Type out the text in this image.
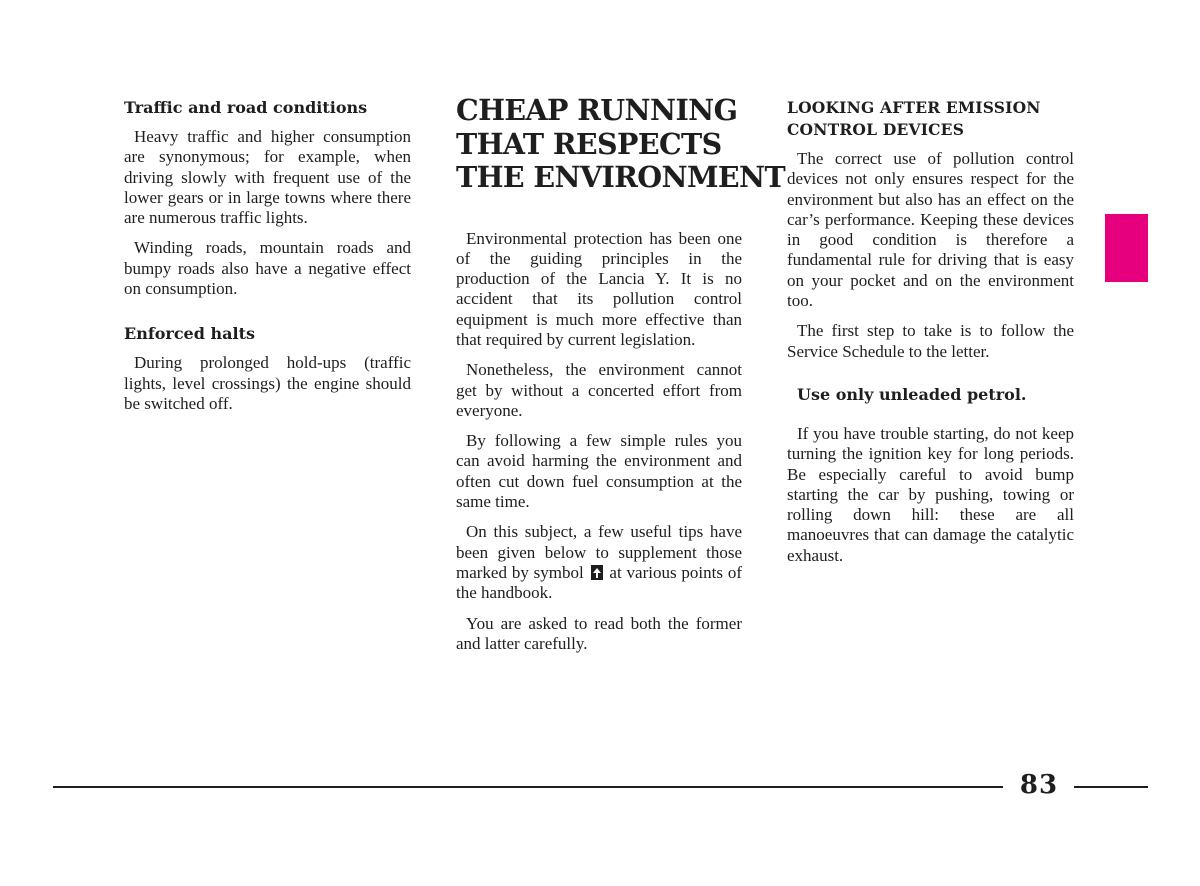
Traffic and road conditions

Heavy traffic and higher consumption are synonymous; for example, when driving slowly with frequent use of the lower gears or in large towns where there are numerous traffic lights.

Winding roads, mountain roads and bumpy roads also have a negative effect on consumption.

Enforced halts

During prolonged hold-ups (traffic lights, level crossings) the engine should be switched off.

CHEAP RUNNING
THAT RESPECTS
THE ENVIRONMENT

Environmental protection has been one of the guiding principles in the production of the Lancia Y. It is no accident that its pollution control equipment is much more effective than that required by current legislation.

Nonetheless, the environment cannot get by without a concerted effort from everyone.

By following a few simple rules you can avoid harming the environment and often cut down fuel consumption at the same time.

On this subject, a few useful tips have been given below to supplement those marked by symbol at various points of the handbook.

You are asked to read both the former and latter carefully.

LOOKING AFTER EMISSION
CONTROL DEVICES

The correct use of pollution control devices not only ensures respect for the environment but also has an effect on the car’s performance. Keeping these devices in good condition is therefore a fundamental rule for driving that is easy on your pocket and on the environment too.

The first step to take is to follow the Service Schedule to the letter.

Use only unleaded petrol.

If you have trouble starting, do not keep turning the ignition key for long periods. Be especially careful to avoid bump starting the car by pushing, towing or rolling down hill: these are all manoeuvres that can damage the catalytic exhaust.

83
